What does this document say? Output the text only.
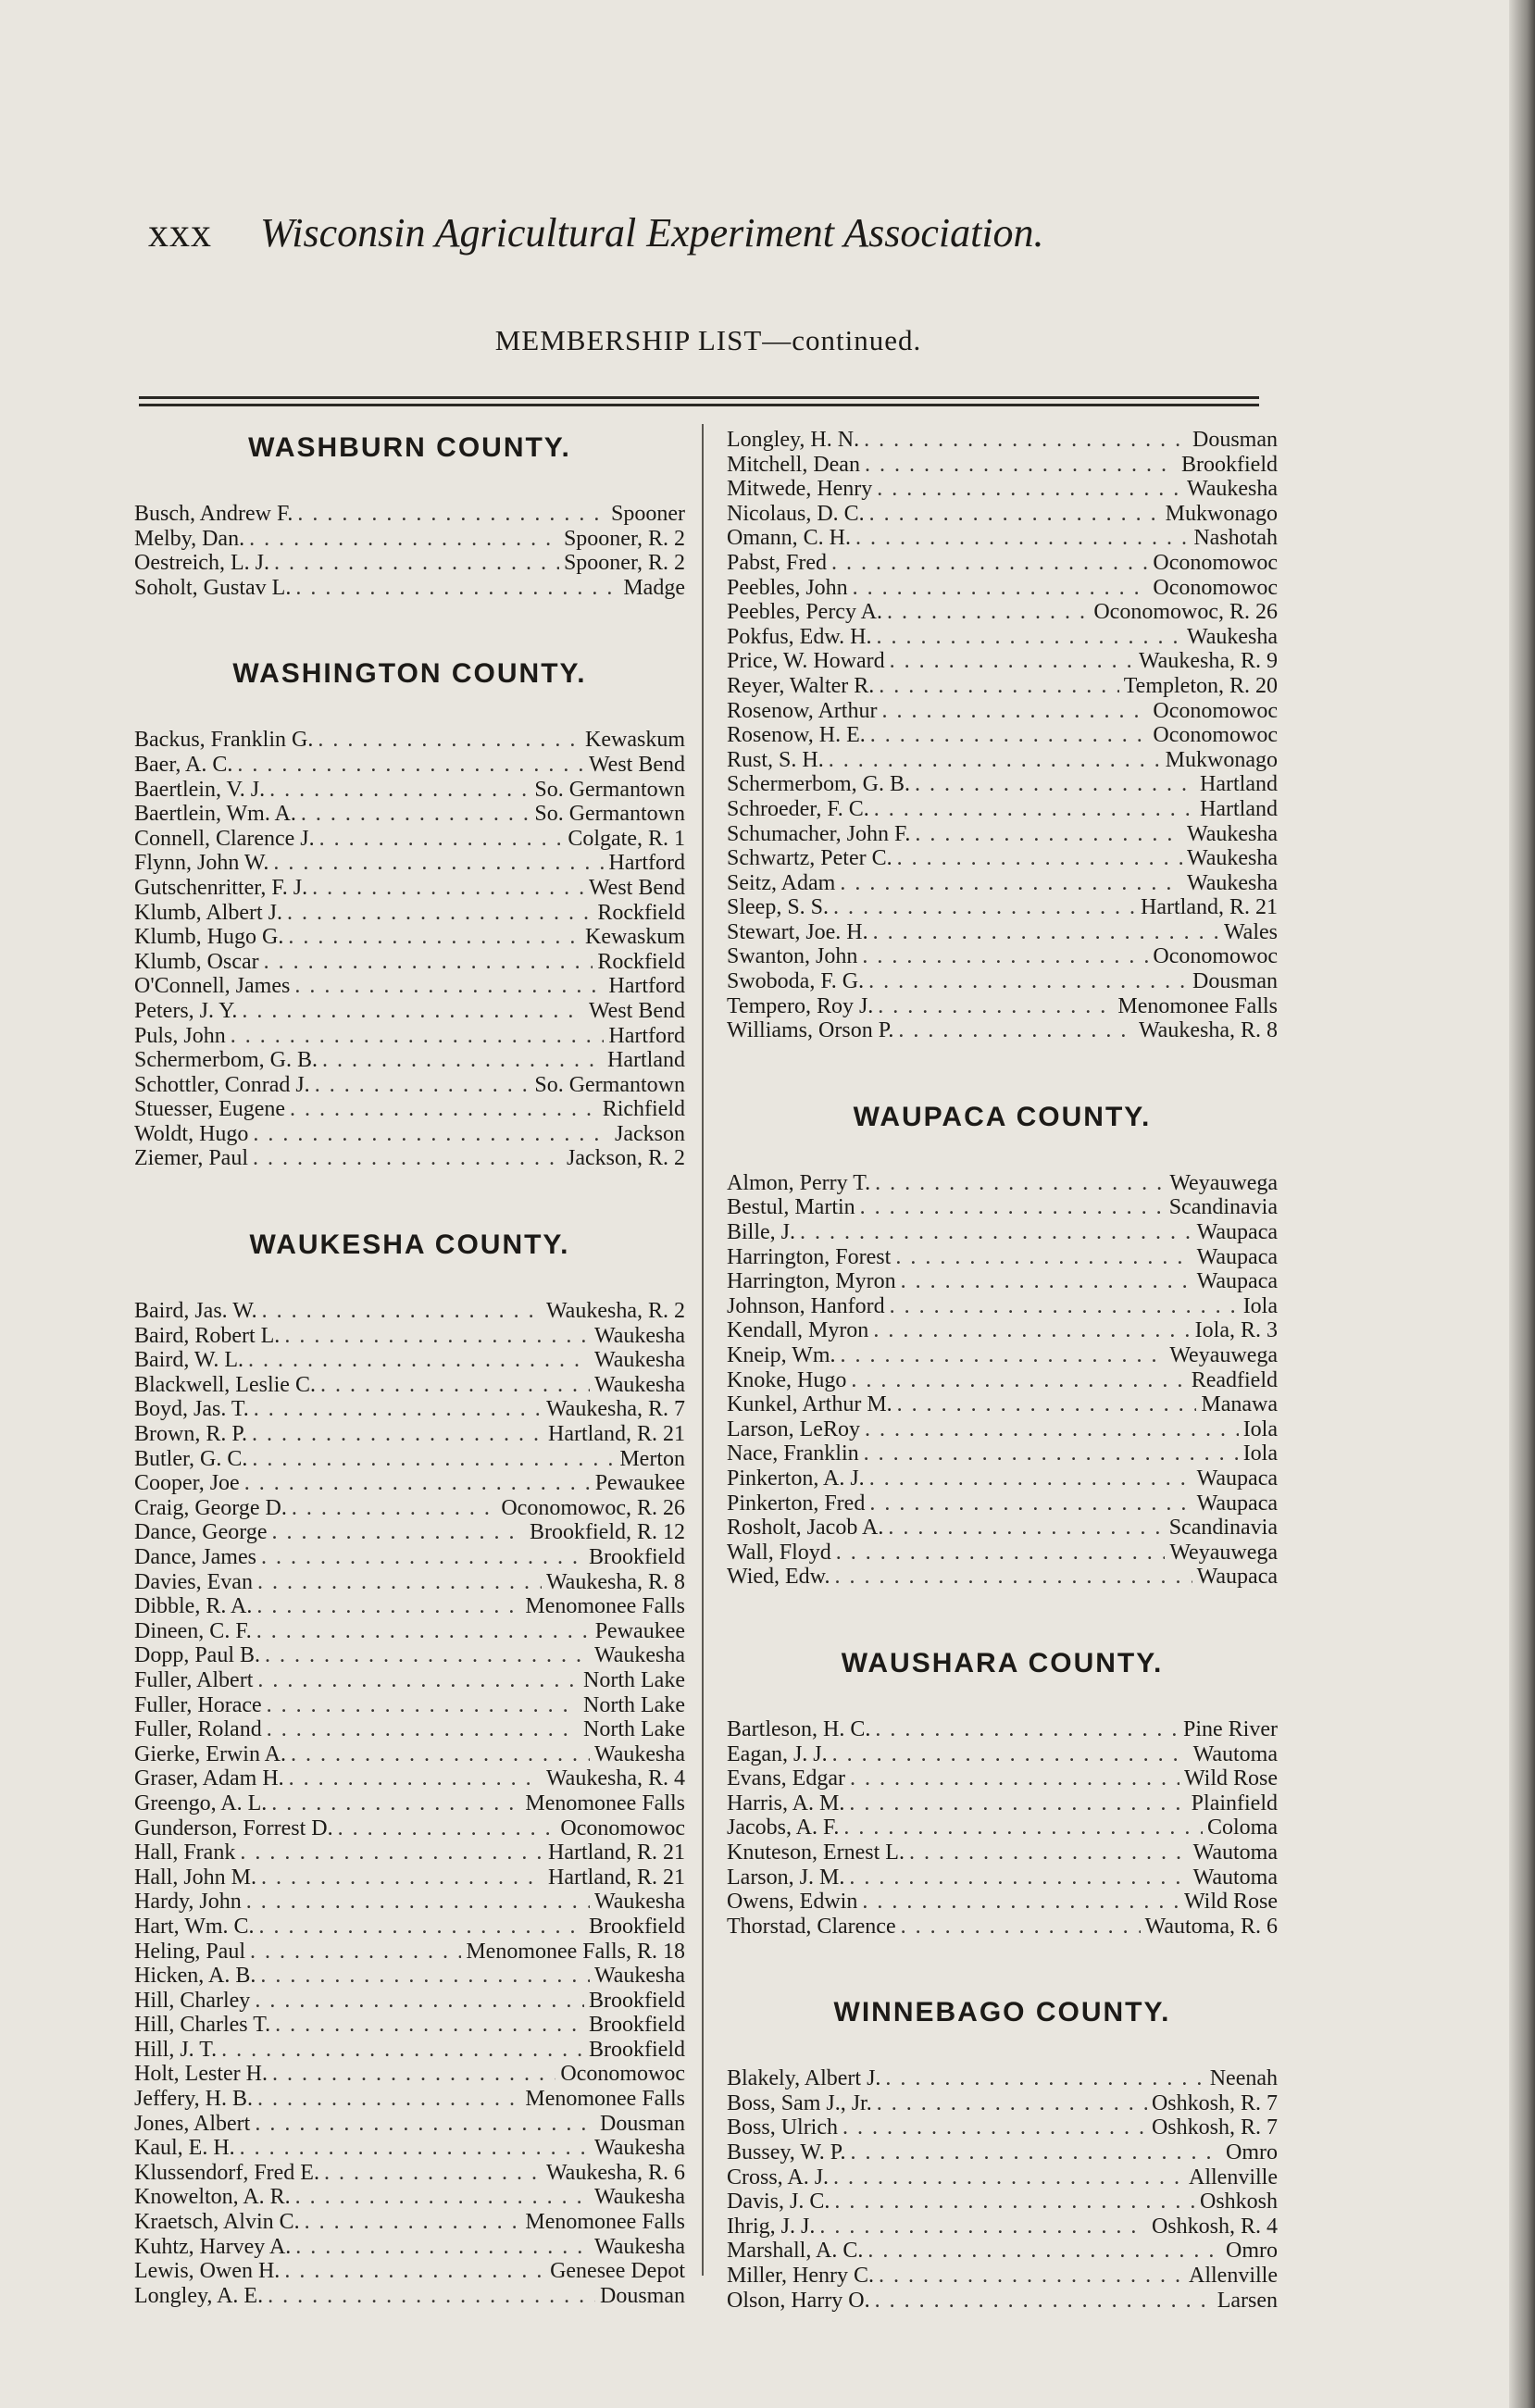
xxx Wisconsin Agricultural Experiment Association.
MEMBERSHIP LIST—continued.
WASHBURN COUNTY.
Busch, Andrew F. . . .	Spooner
Melby, Dan. . . .	Spooner, R. 2
Oestreich, L. J. . . .	Spooner, R. 2
Soholt, Gustav L. . . .	Madge
WASHINGTON COUNTY.
Backus, Franklin G. . . .	Kewaskum
Baer, A. C. . . .	West Bend
Baertlein, V. J. . . .	So. Germantown
Baertlein, Wm. A. . . .	So. Germantown
Connell, Clarence J. . . .	Colgate, R. 1
Flynn, John W. . . .	Hartford
Gutschenritter, F. J. . . .	West Bend
Klumb, Albert J. . . .	Rockfield
Klumb, Hugo G. . . .	Kewaskum
Klumb, Oscar . . .	Rockfield
O'Connell, James . . .	Hartford
Peters, J. Y. . . .	West Bend
Puls, John . . .	Hartford
Schermerbom, G. B. . . .	Hartland
Schottler, Conrad J. . . .	So. Germantown
Stuesser, Eugene . . .	Richfield
Woldt, Hugo . . .	Jackson
Ziemer, Paul . . .	Jackson, R. 2
WAUKESHA COUNTY.
Baird, Jas. W. . . .	Waukesha, R. 2
Baird, Robert L. . . .	Waukesha
Baird, W. L. . . .	Waukesha
Blackwell, Leslie C. . . .	Waukesha
Boyd, Jas. T. . . .	Waukesha, R. 7
Brown, R. P. . . .	Hartland, R. 21
Butler, G. C. . . .	Merton
Cooper, Joe . . .	Pewaukee
Craig, George D. . . .	Oconomowoc, R. 26
Dance, George . . .	Brookfield, R. 12
Dance, James . . .	Brookfield
Davies, Evan . . .	Waukesha, R. 8
Dibble, R. A. . . .	Menomonee Falls
Dineen, C. F. . . .	Pewaukee
Dopp, Paul B. . . .	Waukesha
Fuller, Albert . . .	North Lake
Fuller, Horace . . .	North Lake
Fuller, Roland . . .	North Lake
Gierke, Erwin A. . . .	Waukesha
Graser, Adam H. . . .	Waukesha, R. 4
Greengo, A. L. . . .	Menomonee Falls
Gunderson, Forrest D. . . .	Oconomowoc
Hall, Frank . . .	Hartland, R. 21
Hall, John M. . . .	Hartland, R. 21
Hardy, John . . .	Waukesha
Hart, Wm. C. . . .	Brookfield
Heling, Paul . . .	Menomonee Falls, R. 18
Hicken, A. B. . . .	Waukesha
Hill, Charley . . .	Brookfield
Hill, Charles T. . . .	Brookfield
Hill, J. T. . . .	Brookfield
Holt, Lester H. . . .	Oconomowoc
Jeffery, H. B. . . .	Menomonee Falls
Jones, Albert . . .	Dousman
Kaul, E. H. . . .	Waukesha
Klussendorf, Fred E. . . .	Waukesha, R. 6
Knowelton, A. R. . . .	Waukesha
Kraetsch, Alvin C. . . .	Menomonee Falls
Kuhtz, Harvey A. . . .	Waukesha
Lewis, Owen H. . . .	Genesee Depot
Longley, A. E. . . .	Dousman
Longley, H. N. . . .	Dousman
Mitchell, Dean . . .	Brookfield
Mitwede, Henry . . .	Waukesha
Nicolaus, D. C. . . .	Mukwonago
Omann, C. H. . . .	Nashotah
Pabst, Fred . . .	Oconomowoc
Peebles, John . . .	Oconomowoc
Peebles, Percy A. . . .	Oconomowoc, R. 26
Pokfus, Edw. H. . . .	Waukesha
Price, W. Howard . . .	Waukesha, R. 9
Reyer, Walter R. . . .	Templeton, R. 20
Rosenow, Arthur . . .	Oconomowoc
Rosenow, H. E. . . .	Oconomowoc
Rust, S. H. . . .	Mukwonago
Schermerbom, G. B. . . .	Hartland
Schroeder, F. C. . . .	Hartland
Schumacher, John F. . . .	Waukesha
Schwartz, Peter C. . . .	Waukesha
Seitz, Adam . . .	Waukesha
Sleep, S. S. . . .	Hartland, R. 21
Stewart, Joe. H. . . .	Wales
Swanton, John . . .	Oconomowoc
Swoboda, F. G. . . .	Dousman
Tempero, Roy J. . . .	Menomonee Falls
Williams, Orson P. . . .	Waukesha, R. 8
WAUPACA COUNTY.
Almon, Perry T. . . .	Weyauwega
Bestul, Martin . . .	Scandinavia
Bille, J. . . .	Waupaca
Harrington, Forest . . .	Waupaca
Harrington, Myron . . .	Waupaca
Johnson, Hanford . . .	Iola
Kendall, Myron . . .	Iola, R. 3
Kneip, Wm. . . .	Weyauwega
Knoke, Hugo . . .	Readfield
Kunkel, Arthur M. . . .	Manawa
Larson, LeRoy . . .	Iola
Nace, Franklin . . .	Iola
Pinkerton, A. J. . . .	Waupaca
Pinkerton, Fred . . .	Waupaca
Rosholt, Jacob A. . . .	Scandinavia
Wall, Floyd . . .	Weyauwega
Wied, Edw. . . .	Waupaca
WAUSHARA COUNTY.
Bartleson, H. C. . . .	Pine River
Eagan, J. J. . . .	Wautoma
Evans, Edgar . . .	Wild Rose
Harris, A. M. . . .	Plainfield
Jacobs, A. F. . . .	Coloma
Knuteson, Ernest L. . . .	Wautoma
Larson, J. M. . . .	Wautoma
Owens, Edwin . . .	Wild Rose
Thorstad, Clarence . . .	Wautoma, R. 6
WINNEBAGO COUNTY.
Blakely, Albert J. . . .	Neenah
Boss, Sam J., Jr. . . .	Oshkosh, R. 7
Boss, Ulrich . . .	Oshkosh, R. 7
Bussey, W. P. . . .	Omro
Cross, A. J. . . .	Allenville
Davis, J. C. . . .	Oshkosh
Ihrig, J. J. . . .	Oshkosh, R. 4
Marshall, A. C. . . .	Omro
Miller, Henry C. . . .	Allenville
Olson, Harry O. . . .	Larsen
